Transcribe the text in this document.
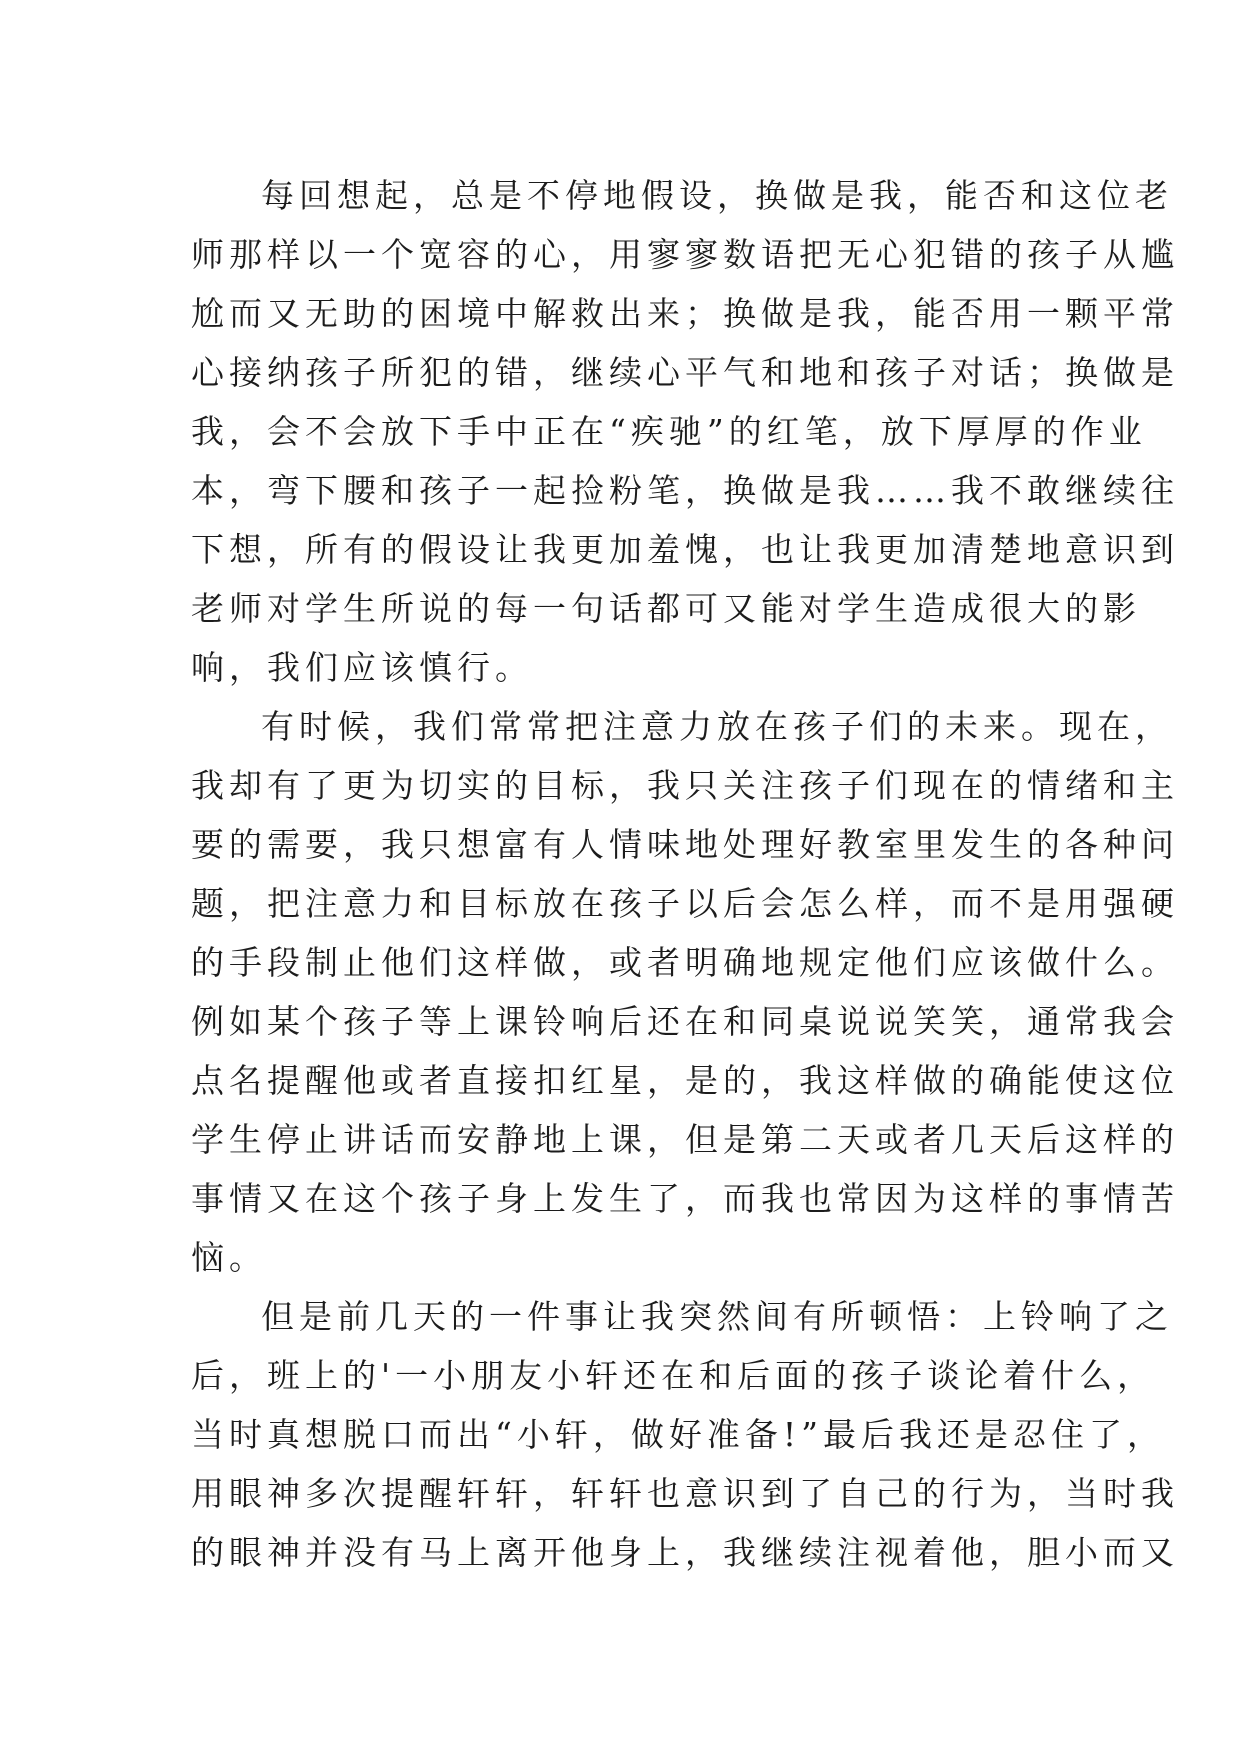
每回想起，总是不停地假设，换做是我，能否和这位老
师那样以一个宽容的心，用寥寥数语把无心犯错的孩子从尴
尬而又无助的困境中解救出来；换做是我，能否用一颗平常
心接纳孩子所犯的错，继续心平气和地和孩子对话；换做是
我，会不会放下手中正在“疾驰”的红笔，放下厚厚的作业
本，弯下腰和孩子一起捡粉笔，换做是我……我不敢继续往
下想，所有的假设让我更加羞愧，也让我更加清楚地意识到
老师对学生所说的每一句话都可又能对学生造成很大的影
响，我们应该慎行。
有时候，我们常常把注意力放在孩子们的未来。现在，
我却有了更为切实的目标，我只关注孩子们现在的情绪和主
要的需要，我只想富有人情味地处理好教室里发生的各种问
题，把注意力和目标放在孩子以后会怎么样，而不是用强硬
的手段制止他们这样做，或者明确地规定他们应该做什么。
例如某个孩子等上课铃响后还在和同桌说说笑笑，通常我会
点名提醒他或者直接扣红星，是的，我这样做的确能使这位
学生停止讲话而安静地上课，但是第二天或者几天后这样的
事情又在这个孩子身上发生了，而我也常因为这样的事情苦
恼。
但是前几天的一件事让我突然间有所顿悟：上铃响了之
后，班上的'一小朋友小轩还在和后面的孩子谈论着什么，
当时真想脱口而出“小轩，做好准备!”最后我还是忍住了，
用眼神多次提醒轩轩，轩轩也意识到了自己的行为，当时我
的眼神并没有马上离开他身上，我继续注视着他，胆小而又
